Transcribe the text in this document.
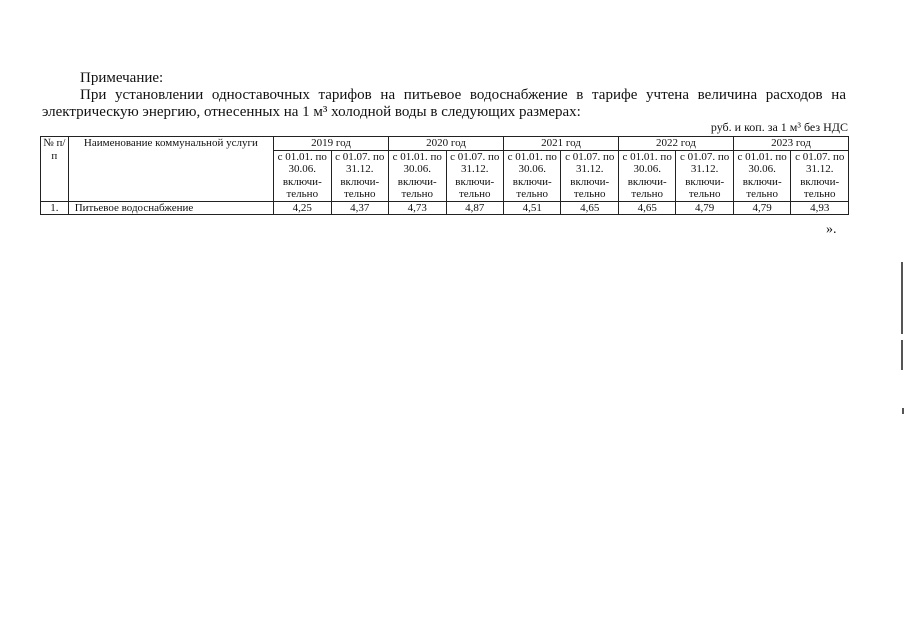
Примечание:

При установлении одноставочных тарифов на питьевое водоснабжение в тарифе учтена величина расходов на электрическую энергию, отнесенных на 1 м³ холодной воды в следующих размерах:

руб. и коп. за 1 м³ без НДС

№ п/п	Наименование коммунальной услуги	2019 год		2020 год		2021 год		2022 год		2023 год	
		с 01.01. по 30.06. включи-тельно	с 01.07. по 31.12. включи-тельно	с 01.01. по 30.06. включи-тельно	с 01.07. по 31.12. включи-тельно	с 01.01. по 30.06. включи-тельно	с 01.07. по 31.12. включи-тельно	с 01.01. по 30.06. включи-тельно	с 01.07. по 31.12. включи-тельно	с 01.01. по 30.06. включи-тельно	с 01.07. по 31.12. включи-тельно
1.	Питьевое водоснабжение	4,25	4,37	4,73	4,87	4,51	4,65	4,65	4,79	4,79	4,93

».
